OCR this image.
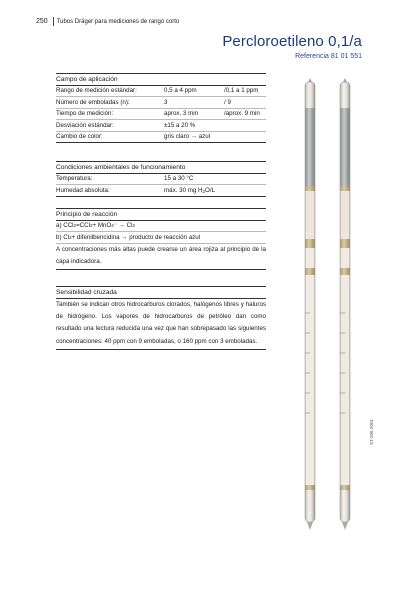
250 Tubos Dräger para mediciones de rango corto
Percloroetileno 0,1/a
Referencia 81 01 551
Campo de aplicación
Rango de medición estándar:	0,5 a 4 ppm	/0,1 a 1 ppm
Número de emboladas (n):	3	/ 9
Tiempo de medición:	aprox. 3 min	/aprox. 9 min
Desviación estándar:	±15 a 20 %
Cambio de color:	gris claro → azul
Condiciones ambientales de funcionamiento
Temperatura:	15 a 30 °C
Humedad absoluta:	máx. 30 mg $H_2O/L$
Principio de reacción
a) CCl 2 =CCl 2 + MnO 4 ⁻ → Cl 2
b) Cl 2 + difenilbencidina → producto de reacción azul
A concentraciones más altas puede crearse un área rojiza al principio de la capa indicadora.
Sensibilidad cruzada
También se indican otros hidrocarburos clorados, halógenos libres y haluros de hidrógeno. Los vapores de hidrocarburos de petróleo dan como resultado una lectura reducida una vez que han sobrepasado las siguientes concentraciones: 40 ppm con 9 emboladas, o 160 ppm con 3 emboladas.
ST-205-2001
